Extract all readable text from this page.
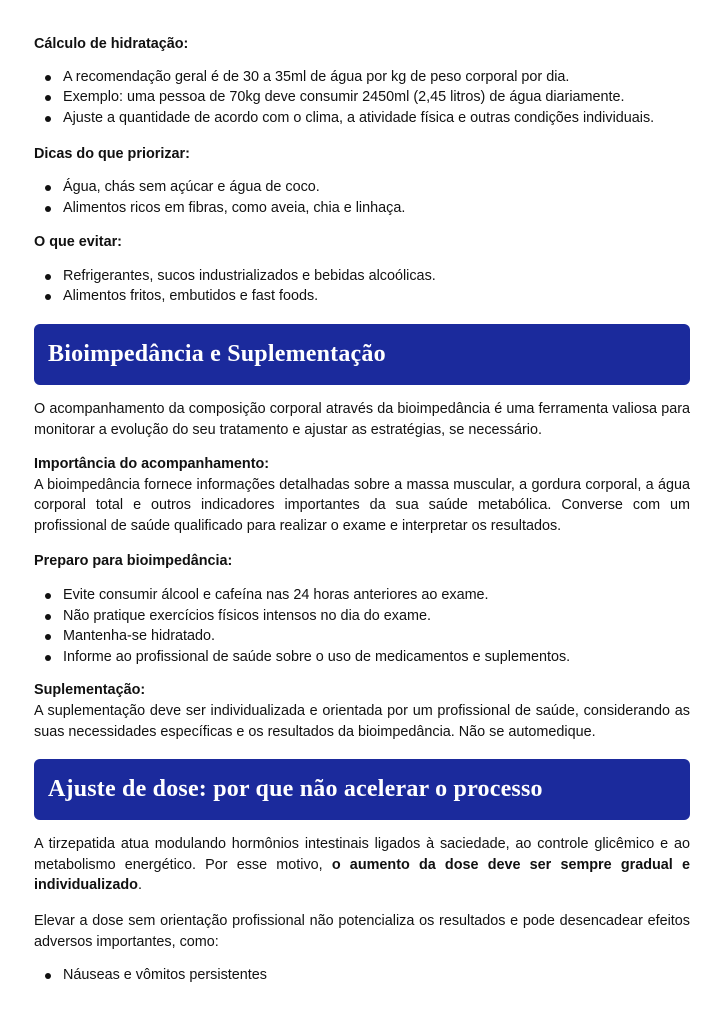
Cálculo de hidratação:
A recomendação geral é de 30 a 35ml de água por kg de peso corporal por dia.
Exemplo: uma pessoa de 70kg deve consumir 2450ml (2,45 litros) de água diariamente.
Ajuste a quantidade de acordo com o clima, a atividade física e outras condições individuais.
Dicas do que priorizar:
Água, chás sem açúcar e água de coco.
Alimentos ricos em fibras, como aveia, chia e linhaça.
O que evitar:
Refrigerantes, sucos industrializados e bebidas alcoólicas.
Alimentos fritos, embutidos e fast foods.
Bioimpedância e Suplementação

O acompanhamento da composição corporal através da bioimpedância é uma ferramenta valiosa para monitorar a evolução do seu tratamento e ajustar as estratégias, se necessário.

Importância do acompanhamento:

A bioimpedância fornece informações detalhadas sobre a massa muscular, a gordura corporal, a água corporal total e outros indicadores importantes da sua saúde metabólica. Converse com um profissional de saúde qualificado para realizar o exame e interpretar os resultados.

Preparo para bioimpedância:
Evite consumir álcool e cafeína nas 24 horas anteriores ao exame.
Não pratique exercícios físicos intensos no dia do exame.
Mantenha-se hidratado.
Informe ao profissional de saúde sobre o uso de medicamentos e suplementos.
Suplementação:

A suplementação deve ser individualizada e orientada por um profissional de saúde, considerando as suas necessidades específicas e os resultados da bioimpedância. Não se automedique.

Ajuste de dose: por que não acelerar o processo

A tirzepatida atua modulando hormônios intestinais ligados à saciedade, ao controle glicêmico e ao metabolismo energético. Por esse motivo, o aumento da dose deve ser sempre gradual e individualizado.

Elevar a dose sem orientação profissional não potencializa os resultados e pode desencadear efeitos adversos importantes, como:

Náuseas e vômitos persistentes
